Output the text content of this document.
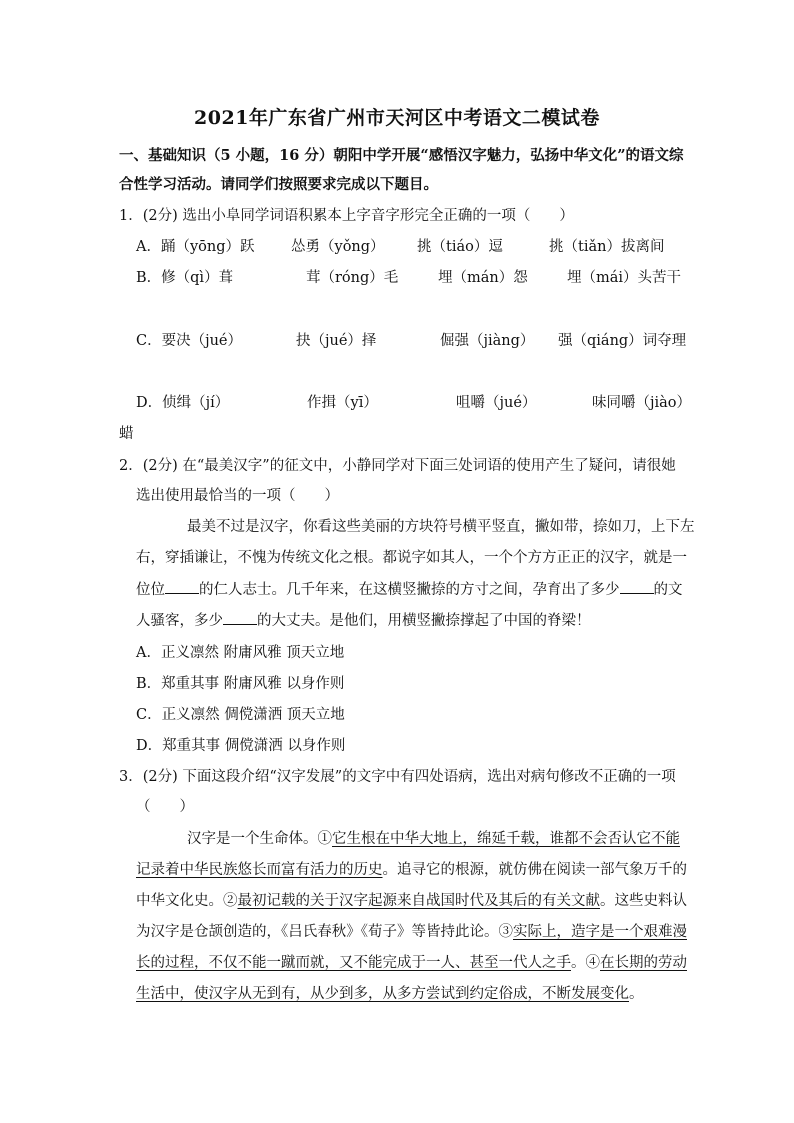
2021年广东省广州市天河区中考语文二模试卷
一、基础知识（5 小题，16 分）朝阳中学开展“感悟汉字魅力，弘扬中华文化”的语文综
合性学习活动。请同学们按照要求完成以下题目。
1．(2分) 选出小阜同学词语积累本上字音字形完全正确的一项（　　）
A．踊（yōng）跃	怂勇（yǒng） 挑（tiáo）逗	挑（tiǎn）拔离间
B．修（qì）葺	茸（róng）毛	埋（mán）怨	埋（mái）头苦干
C．要决（jué）	抉（jué）择	倔强（jiàng） 强（qiáng）词夺理
D．侦缉（jí）	作揖（yī）	咀嚼（jué）	味同嚼（jiào）
蜡
2．(2分) 在“最美汉字”的征文中，小静同学对下面三处词语的使用产生了疑问，请很她
选出使用最恰当的一项（　　）
最美不过是汉字，你看这些美丽的方块符号横平竖直，撇如带，捺如刀，上下左
右，穿插谦让，不愧为传统文化之根。都说字如其人，一个个方方正正的汉字，就是一
位位 的仁人志士。几千年来，在这横竖撇捺的方寸之间，孕育出了多少 的文
人骚客，多少 的大丈夫。是他们，用横竖撇捺撑起了中国的脊梁！
A．正义凛然 附庸风雅 顶天立地
B．郑重其事 附庸风雅 以身作则
C．正义凛然 倜傥潇洒 顶天立地
D．郑重其事 倜傥潇洒 以身作则
3．(2分) 下面这段介绍“汉字发展”的文字中有四处语病，选出对病句修改不正确的一项
（　　）
汉字是一个生命体。①它生根在中华大地上，绵延千载，谁都不会否认它不能
记录着中华民族悠长而富有活力的历史。追寻它的根源，就仿佛在阅读一部气象万千的
中华文化史。②最初记载的关于汉字起源来自战国时代及其后的有关文献。这些史料认
为汉字是仓颉创造的，《吕氏春秋》《荀子》等皆持此论。③实际上，造字是一个艰难漫
长的过程，不仅不能一蹴而就，又不能完成于一人、甚至一代人之手。④在长期的劳动
生活中，使汉字从无到有，从少到多，从多方尝试到约定俗成，不断发展变化。
